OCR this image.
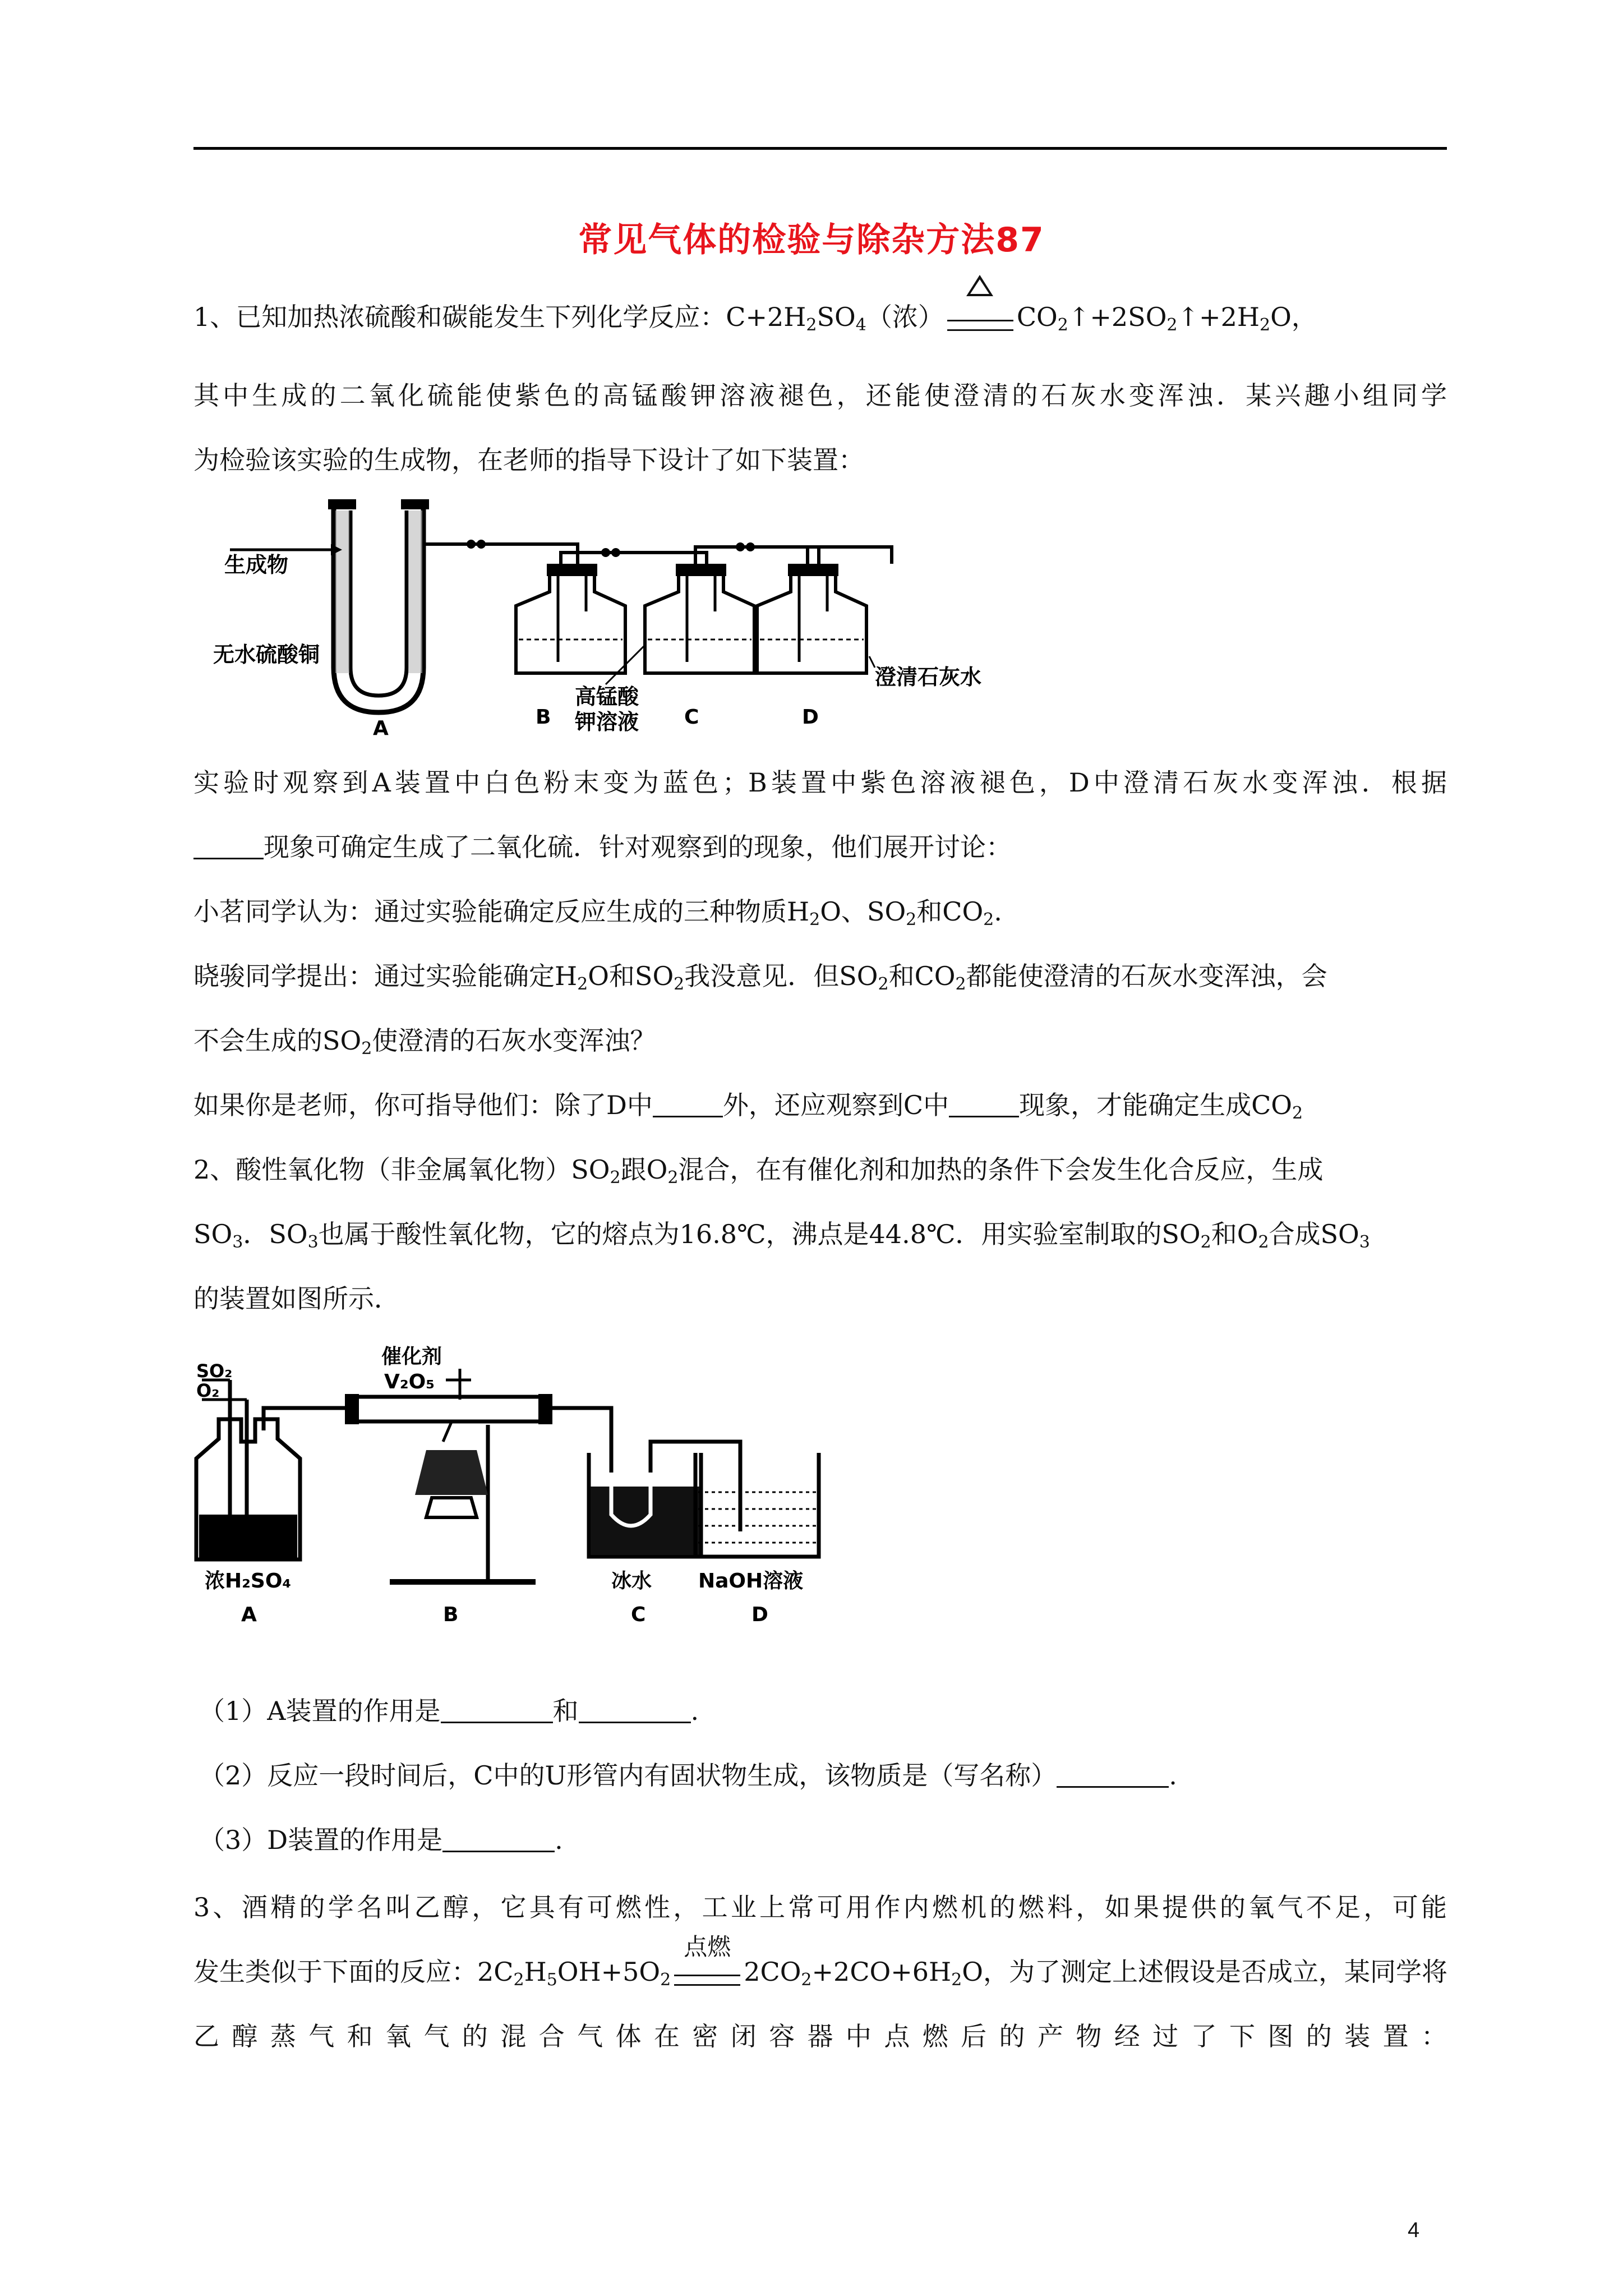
常见气体的检验与除杂方法87
1、已知加热浓硫酸和碳能发生下列化学反应：$C+2H_2SO_4$（浓）	$CO_2↑+2SO_2↑+2H_2O$，
其中生成的二氧化硫能使紫色的高锰酸钾溶液褪色，还能使澄清的石灰水变浑浊．某兴趣小组同学
为检验该实验的生成物，在老师的指导下设计了如下装置：
生成物
无水硫酸铜
高锰酸
钾溶液
澄清石灰水
A	B	C	D
实验时观察到A装置中白色粉末变为蓝色；B装置中紫色溶液褪色，D中澄清石灰水变浑浊．根据
现象可确定生成了二氧化硫．针对观察到的现象，他们展开讨论：
小茗同学认为：通过实验能确定反应生成的三种物质$H_2O$、$SO_2$和$CO_2$.
晓骏同学提出：通过实验能确定$H_2O$和$SO_2$我没意见．但$SO_2$和$CO_2$都能使澄清的石灰水变浑浊，会
不会生成的$SO_2$使澄清的石灰水变浑浊？
如果你是老师，你可指导他们：除了D中	外，还应观察到C中	现象，才能确定生成$CO_2$
2、酸性氧化物（非金属氧化物）$SO_2$跟$O_2$混合，在有催化剂和加热的条件下会发生化合反应，生成
$SO_3$．$SO_3$也属于酸性氧化物，它的熔点为16.8℃，沸点是44.8℃．用实验室制取的$SO_2$和$O_2$合成$SO_3$
的装置如图所示．
催化剂
V₂O₅
SO₂
O₂
浓H₂SO₄	冰水 NaOH溶液
A	B	C	D
（1）A装置的作用是	和	.
（2）反应一段时间后，C中的U形管内有固状物生成，该物质是（写名称）	.
（3）D装置的作用是	.
3、酒精的学名叫乙醇，它具有可燃性，工业上常可用作内燃机的燃料，如果提供的氧气不足，可能
发生类似于下面的反应：$2C_2H_5OH+5O_2$
点燃
$2CO_2+2CO+6H_2O$，为了测定上述假设是否成立，某同学将
乙醇蒸气和氧气的混合气体在密闭容器中点燃后的产物经过了下图的装置：
4
